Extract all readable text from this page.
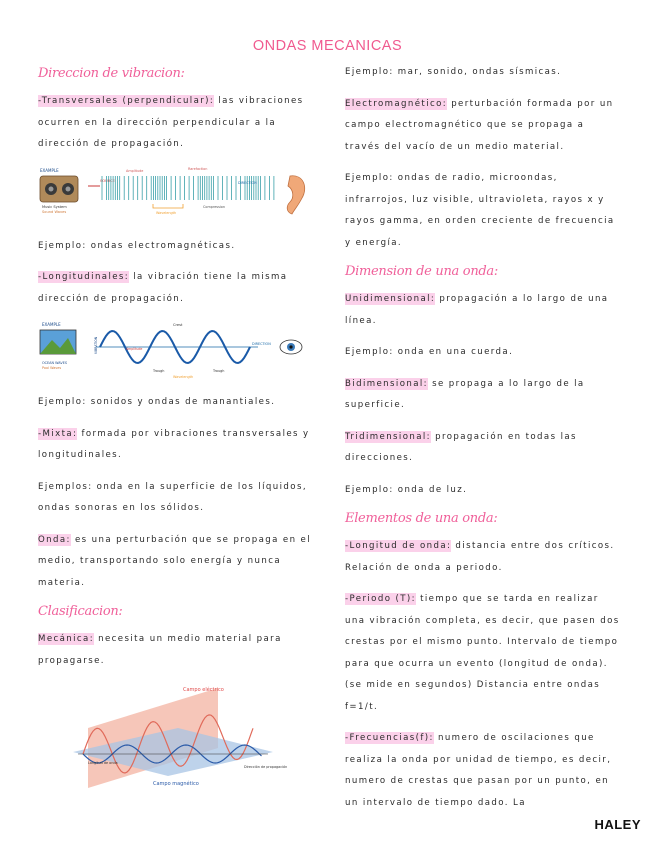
ONDAS MECANICAS
Direccion de vibracion:

-Transversales (perpendicular): las vibraciones ocurren en la dirección perpendicular a la dirección de propagación.

EXAMPLE
Music System
Sound Waves
SOURCE
Amplitude	Rarefaction
DIRECTION
Compression
Wavelength

Ejemplo: ondas electromagnéticas.

-Longitudinales: la vibración tiene la misma dirección de propagación.

EXAMPLE
OCEAN WAVES
Pool Waves
VIBRATION
Crest
Amplitude
Trough	Trough
Wavelength
DIRECTION

Ejemplo: sonidos y ondas de manantiales.

-Mixta: formada por vibraciones transversales y longitudinales.

Ejemplos: onda en la superficie de los líquidos, ondas sonoras en los sólidos.

Onda: es una perturbación que se propaga en el medio, transportando solo energía y nunca materia.

Clasificacion:

Mecánica: necesita un medio material para propagarse.

Campo eléctrico
Campo magnético
Longitud de onda
Dirección de propagación

Ejemplo: mar, sonido, ondas sísmicas.

Electromagnético: perturbación formada por un campo electromagnético que se propaga a través del vacío de un medio material.

Ejemplo: ondas de radio, microondas, infrarrojos, luz visible, ultravioleta, rayos x y rayos gamma, en orden creciente de frecuencia y energía.

Dimension de una onda:

Unidimensional: propagación a lo largo de una línea.

Ejemplo: onda en una cuerda.

Bidimensional: se propaga a lo largo de la superficie.

Tridimensional: propagación en todas las direcciones.

Ejemplo: onda de luz.

Elementos de una onda:

-Longitud de onda: distancia entre dos críticos. Relación de onda a periodo.

-Periodo (T): tiempo que se tarda en realizar una vibración completa, es decir, que pasen dos crestas por el mismo punto. Intervalo de tiempo para que ocurra un evento (longitud de onda). (se mide en segundos) Distancia entre ondas f=1/t.

-Frecuencias(f): numero de oscilaciones que realiza la onda por unidad de tiempo, es decir, numero de crestas que pasan por un punto, en un intervalo de tiempo dado. La

HALEY
